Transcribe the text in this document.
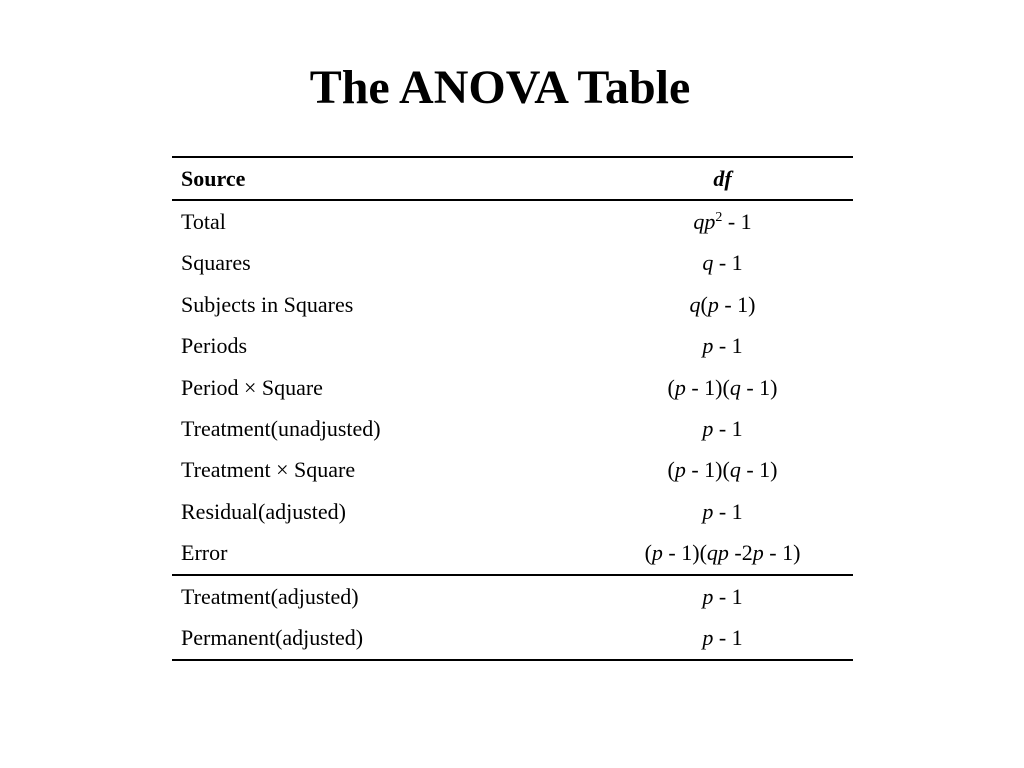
The ANOVA Table
Source	df
Total	$qp^2 - 1$
Squares	q - 1
Subjects in Squares	q(p - 1)
Periods	p - 1
Period × Square	(p - 1)(q - 1)
Treatment(unadjusted)	p - 1
Treatment × Square	(p - 1)(q - 1)
Residual(adjusted)	p - 1
Error	(p - 1)(qp -2p - 1)
Treatment(adjusted)	p - 1
Permanent(adjusted)	p - 1
